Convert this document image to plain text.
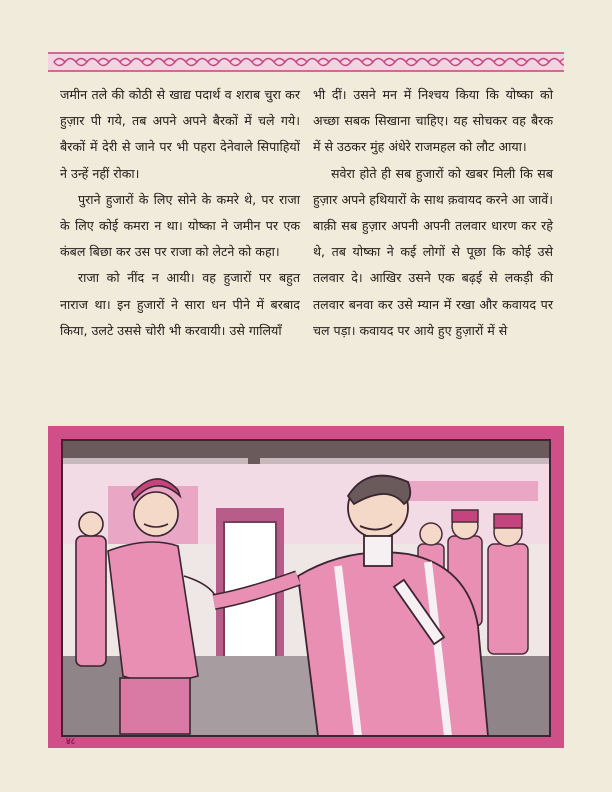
जमीन तले की कोठी से खाद्य पदार्थ व शराब चुरा कर हुज़ार पी गये, तब अपने अपने बैरकों में चले गये। बैरकों में देरी से जाने पर भी पहरा देनेवाले सिपाहियों ने उन्हें नहीं रोका।

पुराने हुजारों के लिए सोने के कमरे थे, पर राजा के लिए कोई कमरा न था। योष्का ने जमीन पर एक कंबल बिछा कर उस पर राजा को लेटने को कहा।

राजा को नींद न आयी। वह हुजारों पर बहुत नाराज था। इन हुजारों ने सारा धन पीने में बरबाद किया, उलटे उससे चोरी भी करवायी। उसे गालियाँ

भी दीं। उसने मन में निश्चय किया कि योष्का को अच्छा सबक सिखाना चाहिए। यह सोचकर वह बैरक में से उठकर मुंह अंधेरे राजमहल को लौट आया।

सवेरा होते ही सब हुजारों को खबर मिली कि सब हुज़ार अपने हथियारों के साथ क़वायद करने आ जावें। बाक़ी सब हुज़ार अपनी अपनी तलवार धारण कर रहे थे, तब योष्का ने कई लोगों से पूछा कि कोई उसे तलवार दे। आखिर उसने एक बढ़ई से लकड़ी की तलवार बनवा कर उसे म्यान में रखा और कवायद पर चल पड़ा। कवायद पर आये हुए हुज़ारों में से

४८
